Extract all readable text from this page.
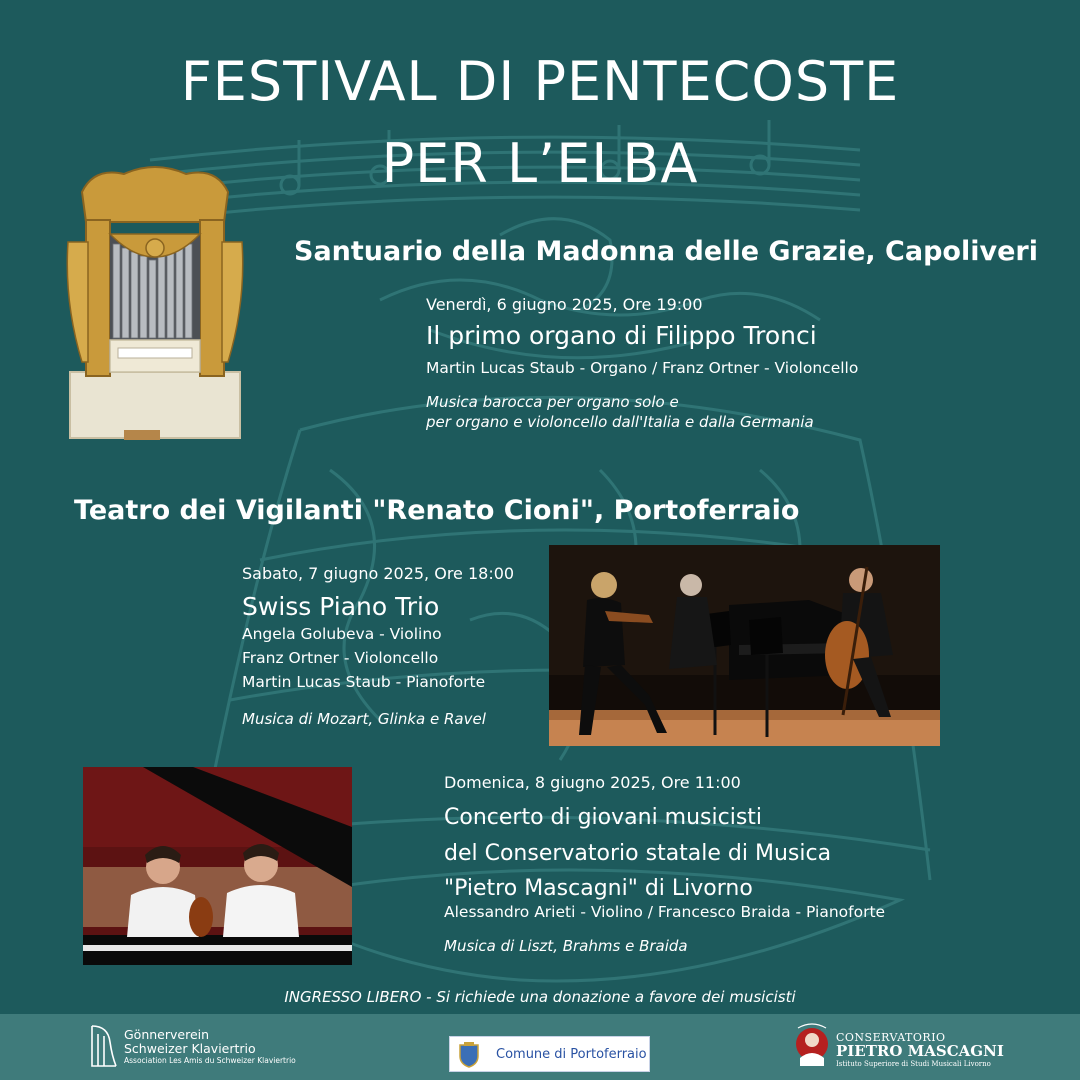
FESTIVAL DI PENTECOSTE
PER L’ELBA
Santuario della Madonna delle Grazie, Capoliveri
Venerdì, 6 giugno 2025, Ore 19:00
Il primo organo di Filippo Tronci
Martin Lucas Staub - Organo / Franz Ortner - Violoncello
Musica barocca per organo solo e
per organo e violoncello dall'Italia e dalla Germania
Teatro dei Vigilanti "Renato Cioni", Portoferraio
Sabato, 7 giugno 2025, Ore 18:00
Swiss Piano Trio
Angela Golubeva - Violino
Franz Ortner - Violoncello
Martin Lucas Staub - Pianoforte
Musica di Mozart, Glinka e Ravel
Domenica, 8 giugno 2025, Ore 11:00
Concerto di giovani musicisti
del Conservatorio statale di Musica
"Pietro Mascagni" di Livorno
Alessandro Arieti - Violino / Francesco Braida - Pianoforte
Musica di Liszt, Brahms e Braida
INGRESSO LIBERO - Si richiede una donazione a favore dei musicisti
Gönnerverein
Schweizer Klaviertrio
Association Les Amis du Schweizer Klaviertrio	Comune di Portoferraio
CONSERVATORIO
PIETRO MASCAGNI
Istituto Superiore di Studi Musicali Livorno
